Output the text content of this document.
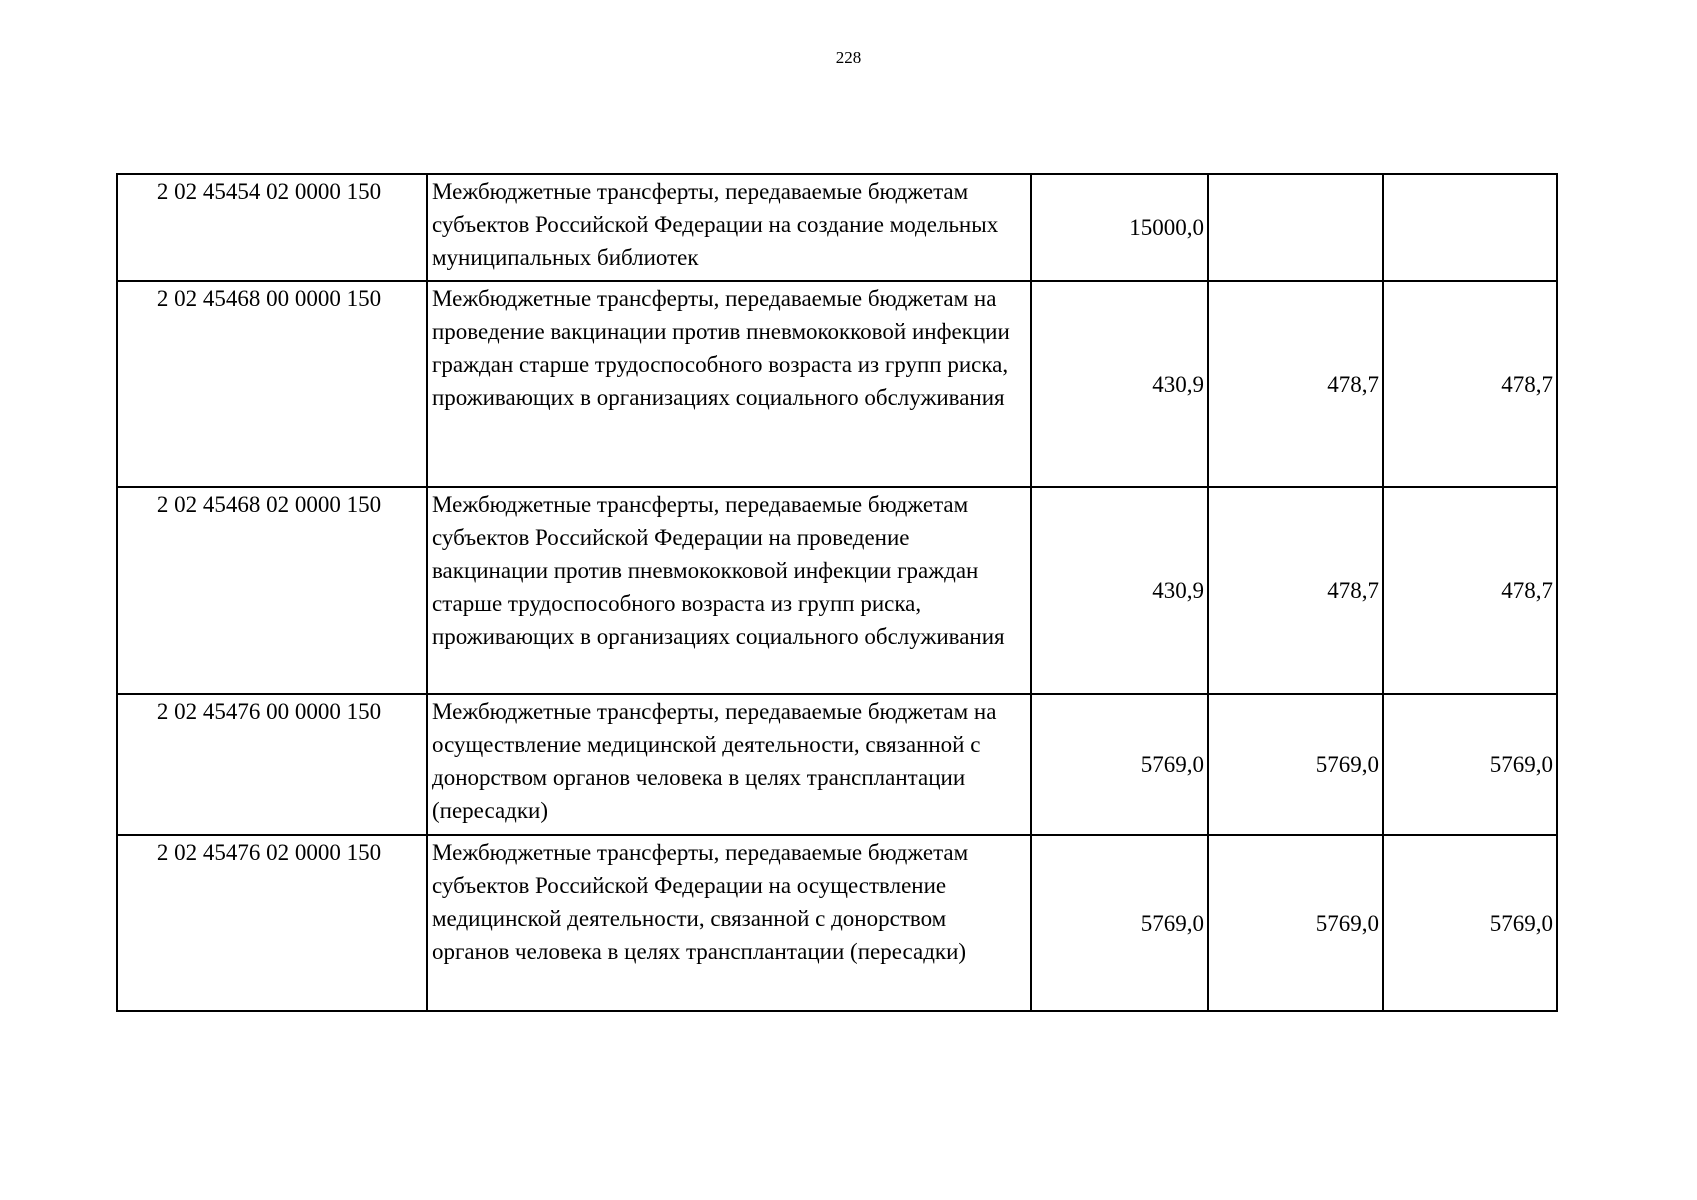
228
2 02 45454 02 0000 150	Межбюджетные трансферты, передаваемые бюджетам субъектов Российской Федерации на создание модельных муниципальных библиотек	15000,0		
2 02 45468 00 0000 150	Межбюджетные трансферты, передаваемые бюджетам на проведение вакцинации против пневмококковой инфекции граждан старше трудоспособного возраста из групп риска, проживающих в организациях социального обслуживания	430,9	478,7	478,7
2 02 45468 02 0000 150	Межбюджетные трансферты, передаваемые бюджетам субъектов Российской Федерации на проведение вакцинации против пневмококковой инфекции граждан старше трудоспособного возраста из групп риска, проживающих в организациях социального обслуживания	430,9	478,7	478,7
2 02 45476 00 0000 150	Межбюджетные трансферты, передаваемые бюджетам на осуществление медицинской деятельности, связанной с донорством органов человека в целях трансплантации (пересадки)	5769,0	5769,0	5769,0
2 02 45476 02 0000 150	Межбюджетные трансферты, передаваемые бюджетам субъектов Российской Федерации на осуществление медицинской деятельности, связанной с донорством органов человека в целях трансплантации (пересадки)	5769,0	5769,0	5769,0
